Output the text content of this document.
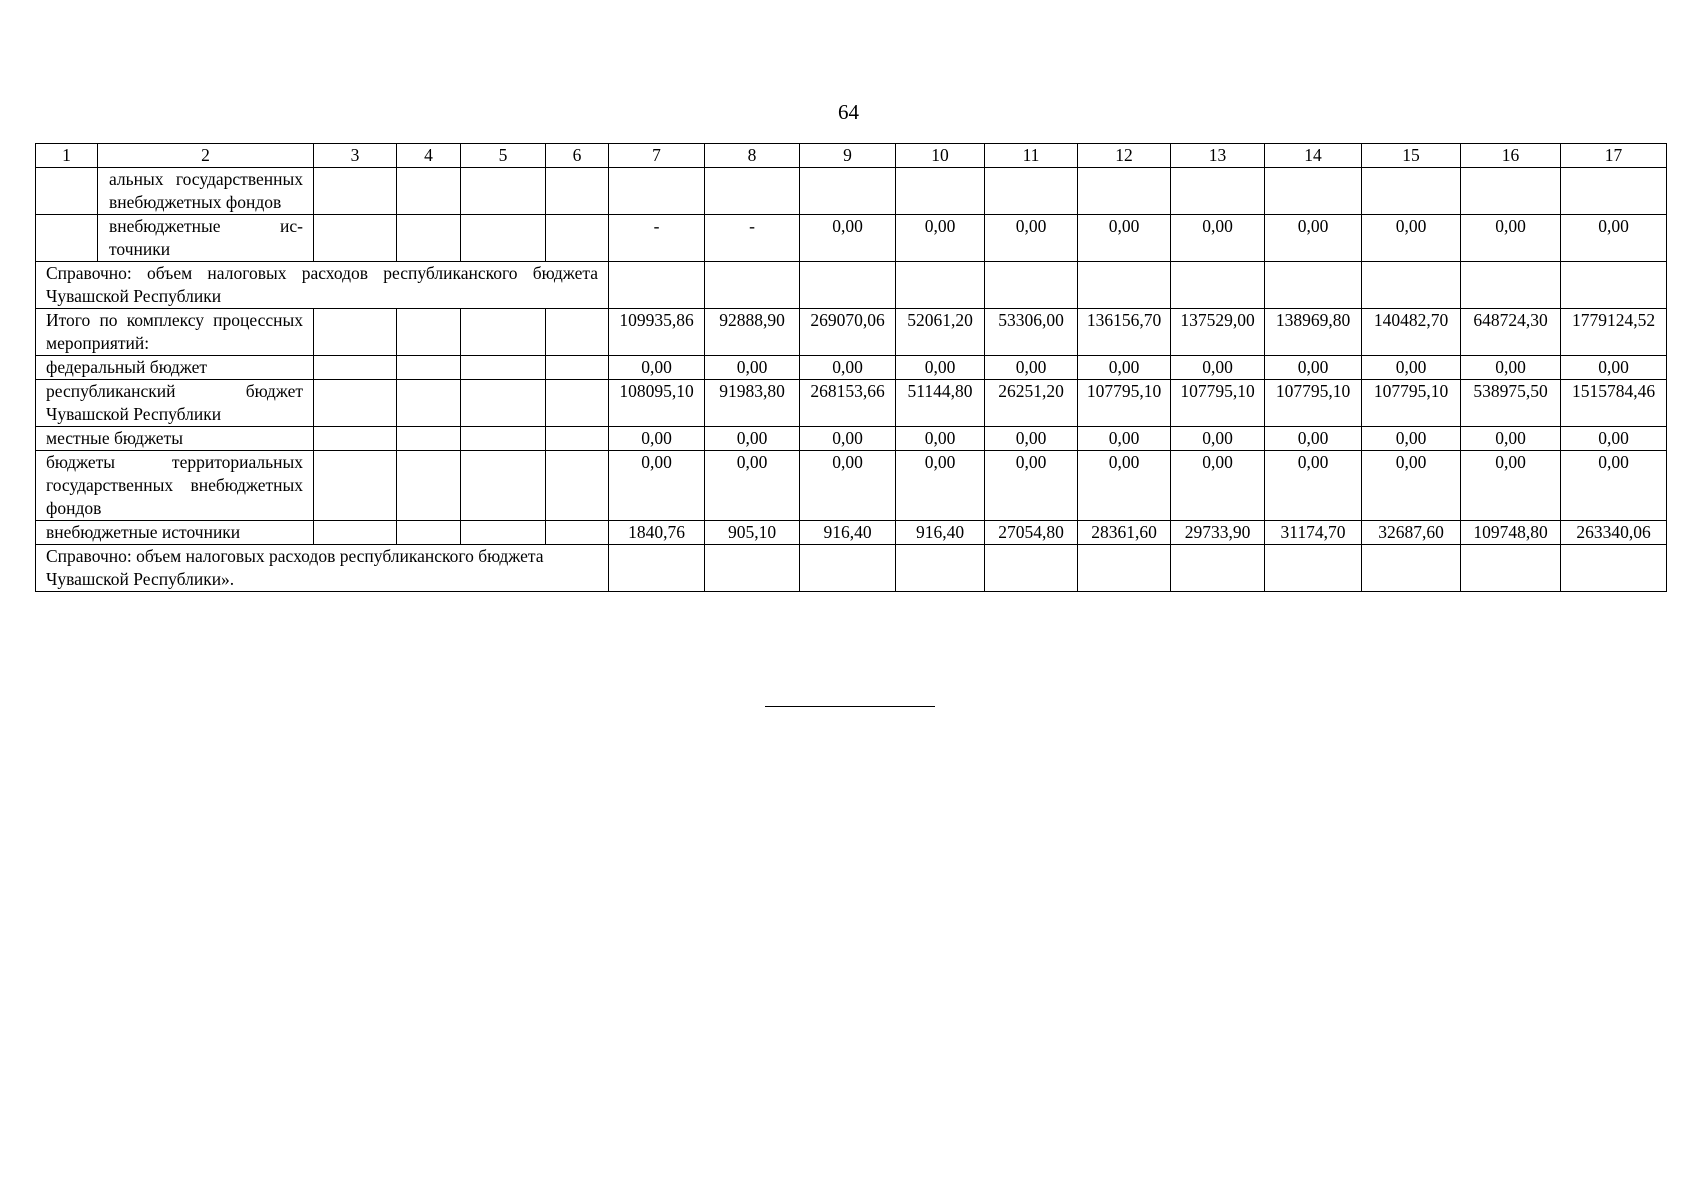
64
1	2	3	4	5	6	7	8	9	10	11	12	13	14	15	16	17
	альных государственных внебюджетных фондов															
	внебюджетные источники					-	-	0,00	0,00	0,00	0,00	0,00	0,00	0,00	0,00	0,00
Справочно: объем налоговых расходов республиканского бюджета Чувашской Республики																
Итого по комплексу процессных мероприятий:						109935,86	92888,90	269070,06	52061,20	53306,00	136156,70	137529,00	138969,80	140482,70	648724,30	1779124,52
федеральный бюджет						0,00	0,00	0,00	0,00	0,00	0,00	0,00	0,00	0,00	0,00	0,00
республиканский бюджет Чувашской Республики						108095,10	91983,80	268153,66	51144,80	26251,20	107795,10	107795,10	107795,10	107795,10	538975,50	1515784,46
местные бюджеты						0,00	0,00	0,00	0,00	0,00	0,00	0,00	0,00	0,00	0,00	0,00
бюджеты территориальных государственных внебюджетных фондов						0,00	0,00	0,00	0,00	0,00	0,00	0,00	0,00	0,00	0,00	0,00
внебюджетные источники						1840,76	905,10	916,40	916,40	27054,80	28361,60	29733,90	31174,70	32687,60	109748,80	263340,06
Справочно: объем налоговых расходов республиканского бюджета Чувашской Республики».																
